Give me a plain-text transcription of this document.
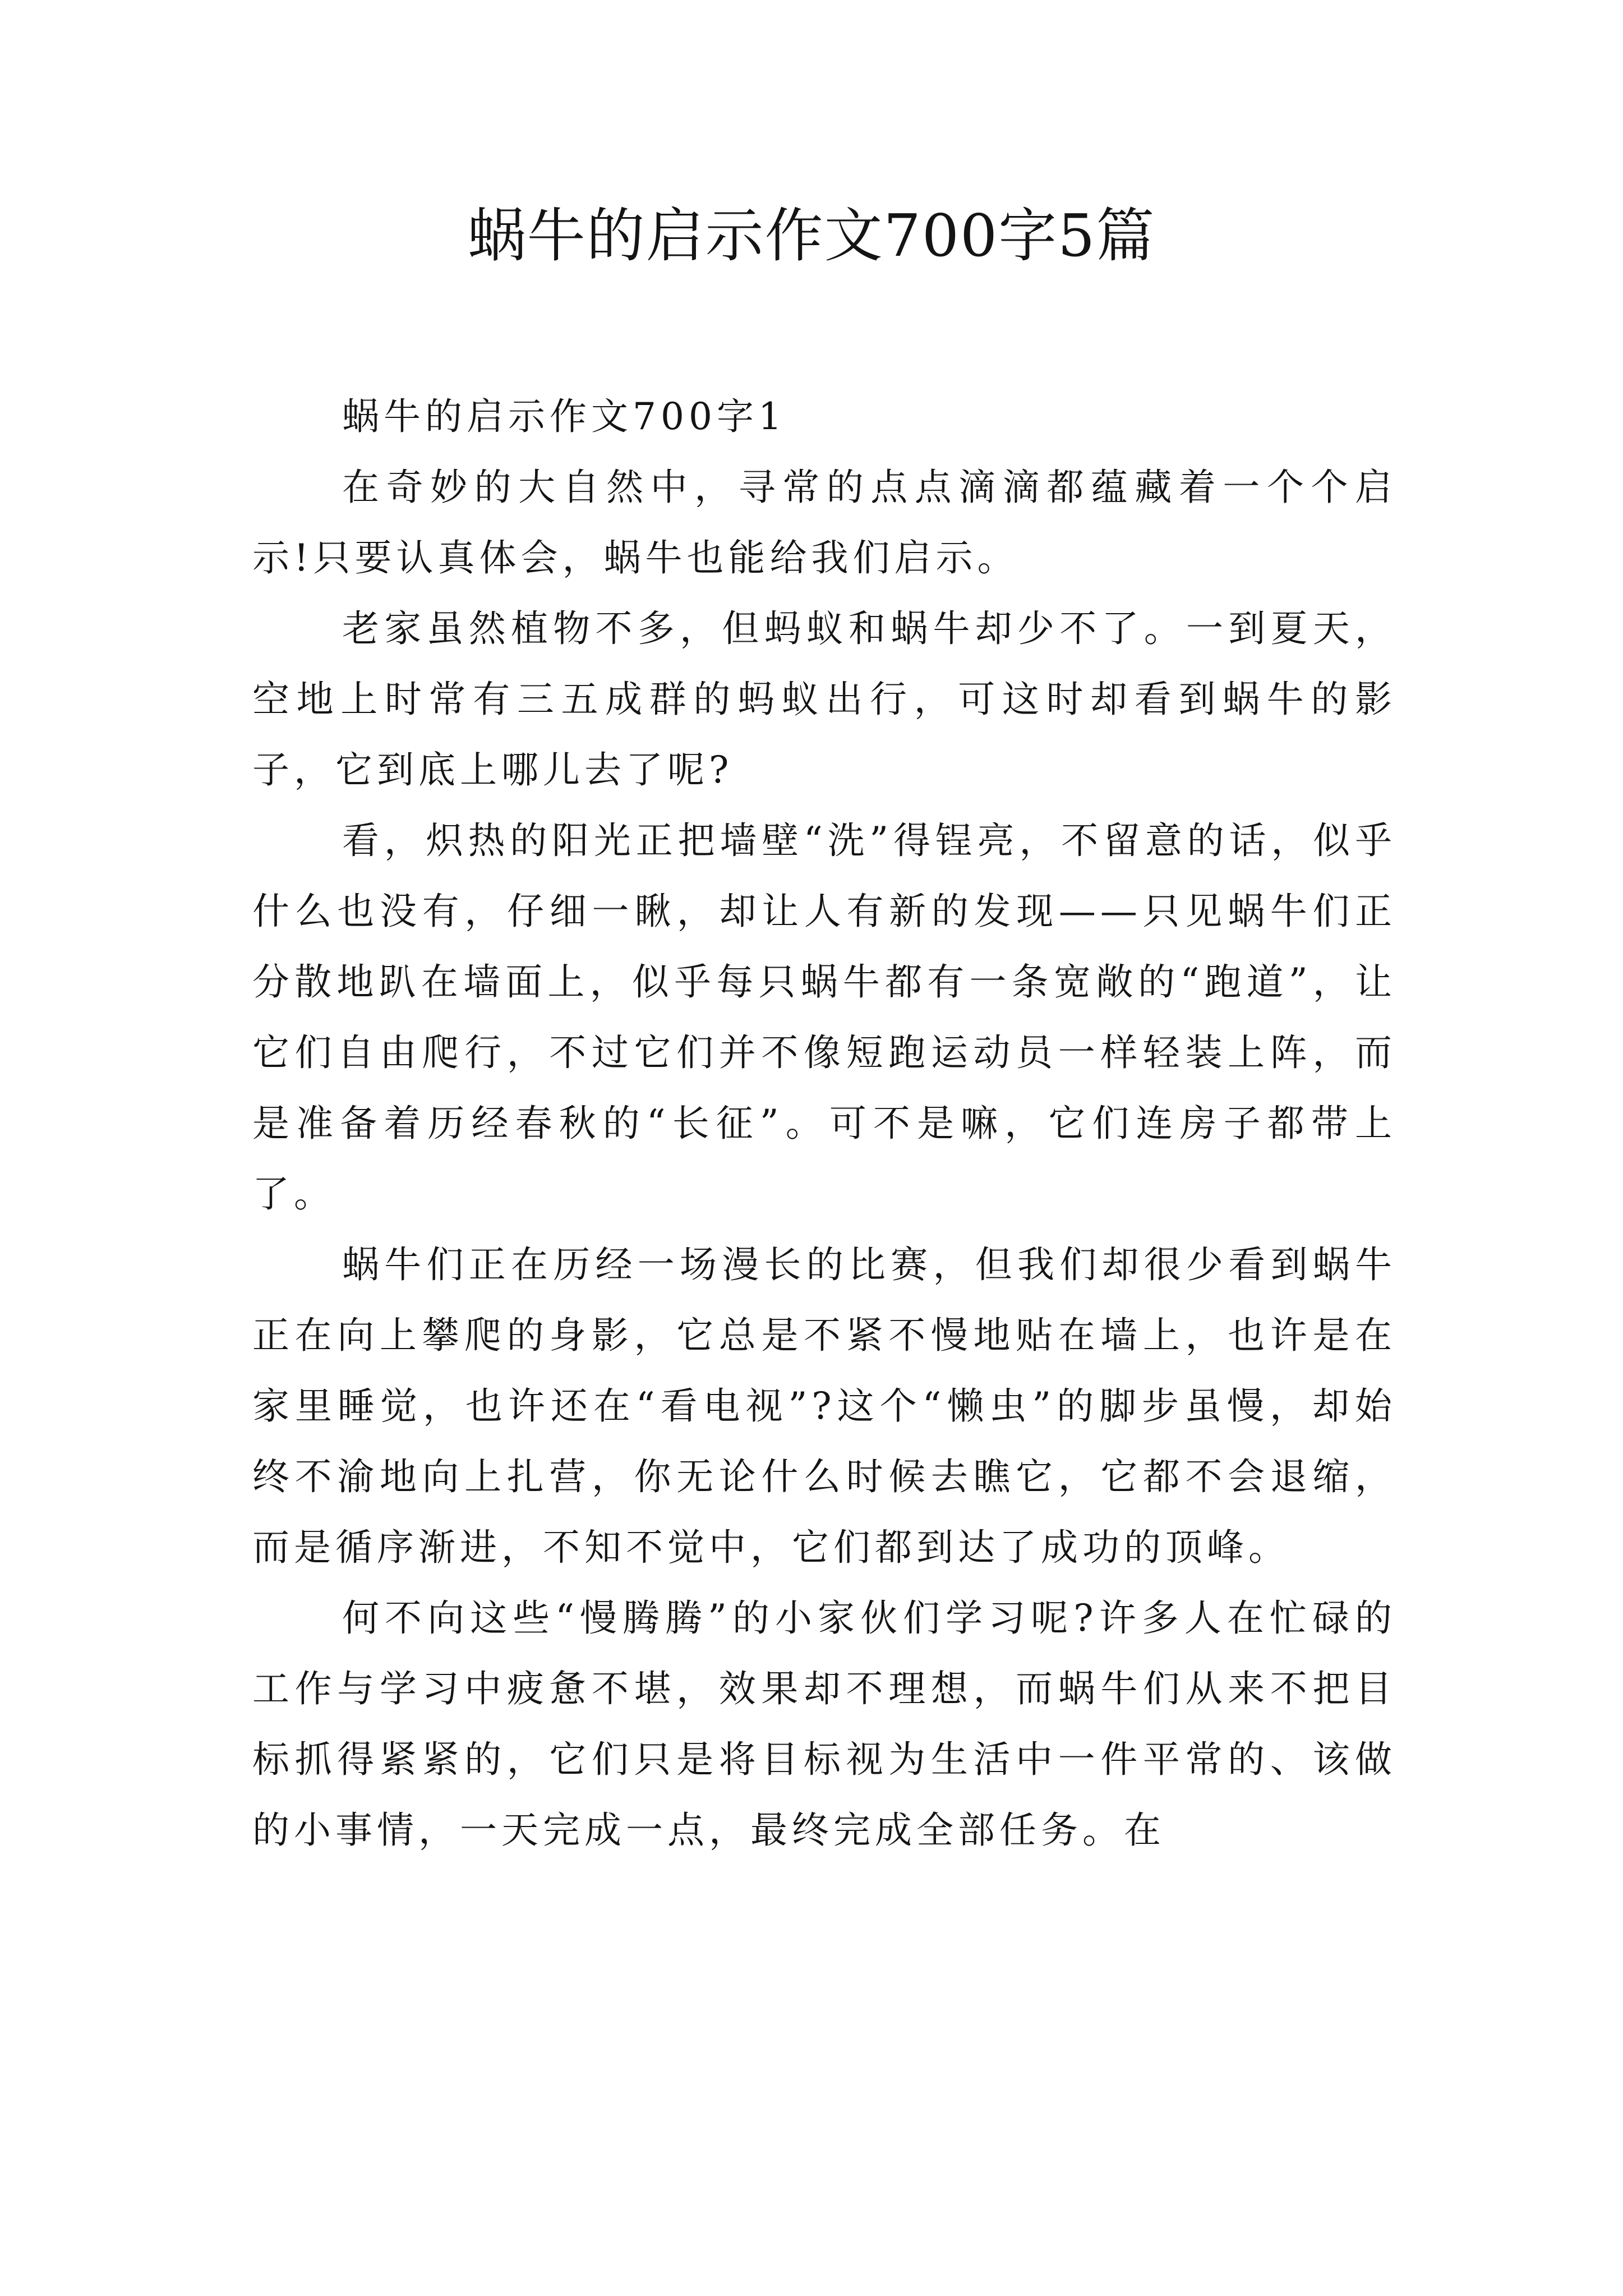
蜗牛的启示作文700字5篇

蜗牛的启示作文700字1

在奇妙的大自然中，寻常的点点滴滴都蕴藏着一个个启示!只要认真体会，蜗牛也能给我们启示。

老家虽然植物不多，但蚂蚁和蜗牛却少不了。一到夏天，空地上时常有三五成群的蚂蚁出行，可这时却看到蜗牛的影子，它到底上哪儿去了呢?

看，炽热的阳光正把墙壁“洗”得锃亮，不留意的话，似乎什么也没有，仔细一瞅，却让人有新的发现——只见蜗牛们正分散地趴在墙面上，似乎每只蜗牛都有一条宽敞的“跑道”，让它们自由爬行，不过它们并不像短跑运动员一样轻装上阵，而是准备着历经春秋的“长征”。可不是嘛，它们连房子都带上了。

蜗牛们正在历经一场漫长的比赛，但我们却很少看到蜗牛正在向上攀爬的身影，它总是不紧不慢地贴在墙上，也许是在家里睡觉，也许还在“看电视”?这个“懒虫”的脚步虽慢，却始终不渝地向上扎营，你无论什么时候去瞧它，它都不会退缩，而是循序渐进，不知不觉中，它们都到达了成功的顶峰。

何不向这些“慢腾腾”的小家伙们学习呢?许多人在忙碌的工作与学习中疲惫不堪，效果却不理想，而蜗牛们从来不把目标抓得紧紧的，它们只是将目标视为生活中一件平常的、该做的小事情，一天完成一点，最终完成全部任务。在
